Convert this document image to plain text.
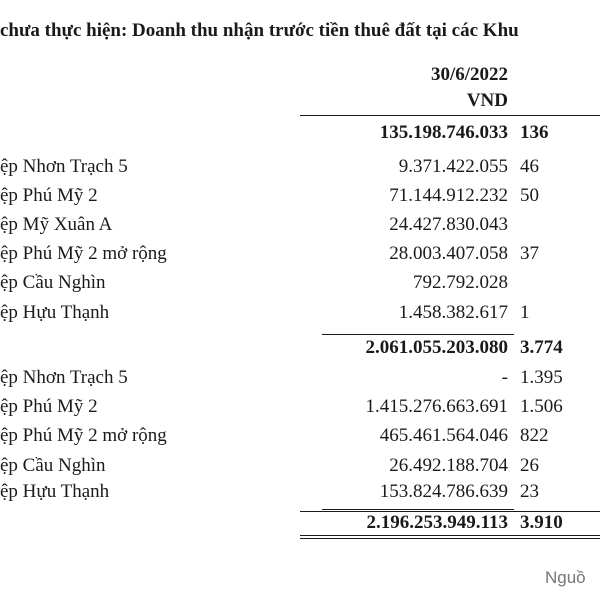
chưa thực hiện: Doanh thu nhận trước tiền thuê đất tại các Khu
30/6/2022
VND
135.198.746.033 136
ệp Nhơn Trạch 5	9.371.422.055 46
ệp Phú Mỹ 2	71.144.912.232 50
ệp Mỹ Xuân A	24.427.830.043
ệp Phú Mỹ 2 mở rộng	28.003.407.058 37
ệp Cầu Nghìn	792.792.028
ệp Hựu Thạnh	1.458.382.617 1
2.061.055.203.080 3.774
ệp Nhơn Trạch 5	- 1.395
ệp Phú Mỹ 2	1.415.276.663.691 1.506
ệp Phú Mỹ 2 mở rộng	465.461.564.046 822
ệp Cầu Nghìn	26.492.188.704 26
ệp Hựu Thạnh	153.824.786.639 23
2.196.253.949.113 3.910
Nguồ
